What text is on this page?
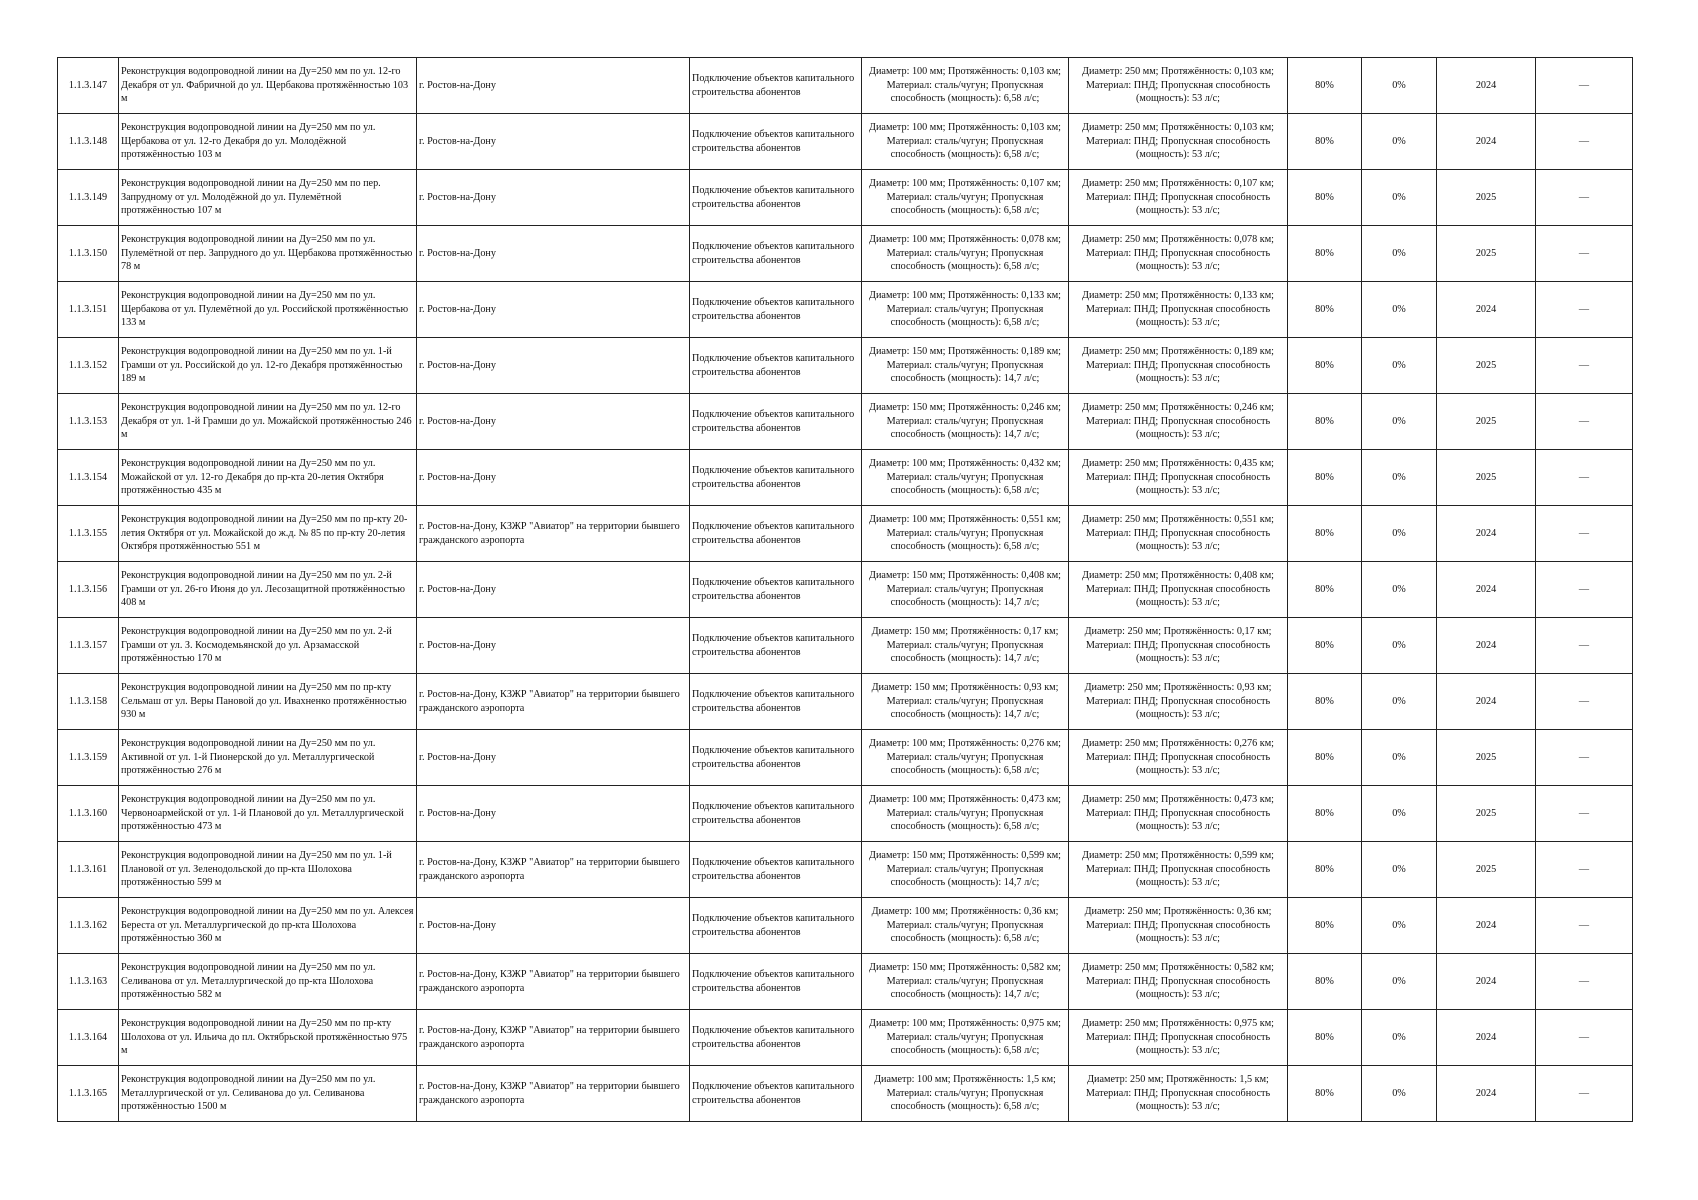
1.1.3.147	Реконструкция водопроводной линии на Ду=250 мм по ул. 12-го Декабря от ул. Фабричной до ул. Щербакова протяжённостью 103 м	г. Ростов-на-Дону	Подключение объектов капитального строительства абонентов	Диаметр: 100 мм; Протяжённость: 0,103 км; Материал: сталь/чугун; Пропускная способность (мощность): 6,58 л/с;	Диаметр: 250 мм; Протяжённость: 0,103 км; Материал: ПНД; Пропускная способность (мощность): 53 л/с;	80%	0%	2024	—
1.1.3.148	Реконструкция водопроводной линии на Ду=250 мм по ул. Щербакова от ул. 12-го Декабря до ул. Молодёжной протяжённостью 103 м	г. Ростов-на-Дону	Подключение объектов капитального строительства абонентов	Диаметр: 100 мм; Протяжённость: 0,103 км; Материал: сталь/чугун; Пропускная способность (мощность): 6,58 л/с;	Диаметр: 250 мм; Протяжённость: 0,103 км; Материал: ПНД; Пропускная способность (мощность): 53 л/с;	80%	0%	2024	—
1.1.3.149	Реконструкция водопроводной линии на Ду=250 мм по пер. Запрудному от ул. Молодёжной до ул. Пулемётной протяжённостью 107 м	г. Ростов-на-Дону	Подключение объектов капитального строительства абонентов	Диаметр: 100 мм; Протяжённость: 0,107 км; Материал: сталь/чугун; Пропускная способность (мощность): 6,58 л/с;	Диаметр: 250 мм; Протяжённость: 0,107 км; Материал: ПНД; Пропускная способность (мощность): 53 л/с;	80%	0%	2025	—
1.1.3.150	Реконструкция водопроводной линии на Ду=250 мм по ул. Пулемётной от пер. Запрудного до ул. Щербакова протяжённостью 78 м	г. Ростов-на-Дону	Подключение объектов капитального строительства абонентов	Диаметр: 100 мм; Протяжённость: 0,078 км; Материал: сталь/чугун; Пропускная способность (мощность): 6,58 л/с;	Диаметр: 250 мм; Протяжённость: 0,078 км; Материал: ПНД; Пропускная способность (мощность): 53 л/с;	80%	0%	2025	—
1.1.3.151	Реконструкция водопроводной линии на Ду=250 мм по ул. Щербакова от ул. Пулемётной до ул. Российской протяжённостью 133 м	г. Ростов-на-Дону	Подключение объектов капитального строительства абонентов	Диаметр: 100 мм; Протяжённость: 0,133 км; Материал: сталь/чугун; Пропускная способность (мощность): 6,58 л/с;	Диаметр: 250 мм; Протяжённость: 0,133 км; Материал: ПНД; Пропускная способность (мощность): 53 л/с;	80%	0%	2024	—
1.1.3.152	Реконструкция водопроводной линии на Ду=250 мм по ул. 1-й Грамши от ул. Российской до ул. 12-го Декабря протяжённостью 189 м	г. Ростов-на-Дону	Подключение объектов капитального строительства абонентов	Диаметр: 150 мм; Протяжённость: 0,189 км; Материал: сталь/чугун; Пропускная способность (мощность): 14,7 л/с;	Диаметр: 250 мм; Протяжённость: 0,189 км; Материал: ПНД; Пропускная способность (мощность): 53 л/с;	80%	0%	2025	—
1.1.3.153	Реконструкция водопроводной линии на Ду=250 мм по ул. 12-го Декабря от ул. 1-й Грамши до ул. Можайской протяжённостью 246 м	г. Ростов-на-Дону	Подключение объектов капитального строительства абонентов	Диаметр: 150 мм; Протяжённость: 0,246 км; Материал: сталь/чугун; Пропускная способность (мощность): 14,7 л/с;	Диаметр: 250 мм; Протяжённость: 0,246 км; Материал: ПНД; Пропускная способность (мощность): 53 л/с;	80%	0%	2025	—
1.1.3.154	Реконструкция водопроводной линии на Ду=250 мм по ул. Можайской от ул. 12-го Декабря до пр-кта 20-летия Октября протяжённостью 435 м	г. Ростов-на-Дону	Подключение объектов капитального строительства абонентов	Диаметр: 100 мм; Протяжённость: 0,432 км; Материал: сталь/чугун; Пропускная способность (мощность): 6,58 л/с;	Диаметр: 250 мм; Протяжённость: 0,435 км; Материал: ПНД; Пропускная способность (мощность): 53 л/с;	80%	0%	2025	—
1.1.3.155	Реконструкция водопроводной линии на Ду=250 мм по пр-кту 20-летия Октября от ул. Можайской до ж.д. № 85 по пр-кту 20-летия Октября протяжённостью 551 м	г. Ростов-на-Дону, КЗЖР "Авиатор" на территории бывшего гражданского аэропорта	Подключение объектов капитального строительства абонентов	Диаметр: 100 мм; Протяжённость: 0,551 км; Материал: сталь/чугун; Пропускная способность (мощность): 6,58 л/с;	Диаметр: 250 мм; Протяжённость: 0,551 км; Материал: ПНД; Пропускная способность (мощность): 53 л/с;	80%	0%	2024	—
1.1.3.156	Реконструкция водопроводной линии на Ду=250 мм по ул. 2-й Грамши от ул. 26-го Июня до ул. Лесозащитной протяжённостью 408 м	г. Ростов-на-Дону	Подключение объектов капитального строительства абонентов	Диаметр: 150 мм; Протяжённость: 0,408 км; Материал: сталь/чугун; Пропускная способность (мощность): 14,7 л/с;	Диаметр: 250 мм; Протяжённость: 0,408 км; Материал: ПНД; Пропускная способность (мощность): 53 л/с;	80%	0%	2024	—
1.1.3.157	Реконструкция водопроводной линии на Ду=250 мм по ул. 2-й Грамши от ул. З. Космодемьянской до ул. Арзамасской протяжённостью 170 м	г. Ростов-на-Дону	Подключение объектов капитального строительства абонентов	Диаметр: 150 мм; Протяжённость: 0,17 км; Материал: сталь/чугун; Пропускная способность (мощность): 14,7 л/с;	Диаметр: 250 мм; Протяжённость: 0,17 км; Материал: ПНД; Пропускная способность (мощность): 53 л/с;	80%	0%	2024	—
1.1.3.158	Реконструкция водопроводной линии на Ду=250 мм по пр-кту Сельмаш от ул. Веры Пановой до ул. Ивахненко протяжённостью 930 м	г. Ростов-на-Дону, КЗЖР "Авиатор" на территории бывшего гражданского аэропорта	Подключение объектов капитального строительства абонентов	Диаметр: 150 мм; Протяжённость: 0,93 км; Материал: сталь/чугун; Пропускная способность (мощность): 14,7 л/с;	Диаметр: 250 мм; Протяжённость: 0,93 км; Материал: ПНД; Пропускная способность (мощность): 53 л/с;	80%	0%	2024	—
1.1.3.159	Реконструкция водопроводной линии на Ду=250 мм по ул. Активной от ул. 1-й Пионерской до ул. Металлургической протяжённостью 276 м	г. Ростов-на-Дону	Подключение объектов капитального строительства абонентов	Диаметр: 100 мм; Протяжённость: 0,276 км; Материал: сталь/чугун; Пропускная способность (мощность): 6,58 л/с;	Диаметр: 250 мм; Протяжённость: 0,276 км; Материал: ПНД; Пропускная способность (мощность): 53 л/с;	80%	0%	2025	—
1.1.3.160	Реконструкция водопроводной линии на Ду=250 мм по ул. Червоноармейской от ул. 1-й Плановой до ул. Металлургической протяжённостью 473 м	г. Ростов-на-Дону	Подключение объектов капитального строительства абонентов	Диаметр: 100 мм; Протяжённость: 0,473 км; Материал: сталь/чугун; Пропускная способность (мощность): 6,58 л/с;	Диаметр: 250 мм; Протяжённость: 0,473 км; Материал: ПНД; Пропускная способность (мощность): 53 л/с;	80%	0%	2025	—
1.1.3.161	Реконструкция водопроводной линии на Ду=250 мм по ул. 1-й Плановой от ул. Зеленодольской до пр-кта Шолохова протяжённостью 599 м	г. Ростов-на-Дону, КЗЖР "Авиатор" на территории бывшего гражданского аэропорта	Подключение объектов капитального строительства абонентов	Диаметр: 150 мм; Протяжённость: 0,599 км; Материал: сталь/чугун; Пропускная способность (мощность): 14,7 л/с;	Диаметр: 250 мм; Протяжённость: 0,599 км; Материал: ПНД; Пропускная способность (мощность): 53 л/с;	80%	0%	2025	—
1.1.3.162	Реконструкция водопроводной линии на Ду=250 мм по ул. Алексея Береста от ул. Металлургической до пр-кта Шолохова протяжённостью 360 м	г. Ростов-на-Дону	Подключение объектов капитального строительства абонентов	Диаметр: 100 мм; Протяжённость: 0,36 км; Материал: сталь/чугун; Пропускная способность (мощность): 6,58 л/с;	Диаметр: 250 мм; Протяжённость: 0,36 км; Материал: ПНД; Пропускная способность (мощность): 53 л/с;	80%	0%	2024	—
1.1.3.163	Реконструкция водопроводной линии на Ду=250 мм по ул. Селиванова от ул. Металлургической до пр-кта Шолохова протяжённостью 582 м	г. Ростов-на-Дону, КЗЖР "Авиатор" на территории бывшего гражданского аэропорта	Подключение объектов капитального строительства абонентов	Диаметр: 150 мм; Протяжённость: 0,582 км; Материал: сталь/чугун; Пропускная способность (мощность): 14,7 л/с;	Диаметр: 250 мм; Протяжённость: 0,582 км; Материал: ПНД; Пропускная способность (мощность): 53 л/с;	80%	0%	2024	—
1.1.3.164	Реконструкция водопроводной линии на Ду=250 мм по пр-кту Шолохова от ул. Ильича до пл. Октябрьской протяжённостью 975 м	г. Ростов-на-Дону, КЗЖР "Авиатор" на территории бывшего гражданского аэропорта	Подключение объектов капитального строительства абонентов	Диаметр: 100 мм; Протяжённость: 0,975 км; Материал: сталь/чугун; Пропускная способность (мощность): 6,58 л/с;	Диаметр: 250 мм; Протяжённость: 0,975 км; Материал: ПНД; Пропускная способность (мощность): 53 л/с;	80%	0%	2024	—
1.1.3.165	Реконструкция водопроводной линии на Ду=250 мм по ул. Металлургической от ул. Селиванова до ул. Селиванова протяжённостью 1500 м	г. Ростов-на-Дону, КЗЖР "Авиатор" на территории бывшего гражданского аэропорта	Подключение объектов капитального строительства абонентов	Диаметр: 100 мм; Протяжённость: 1,5 км; Материал: сталь/чугун; Пропускная способность (мощность): 6,58 л/с;	Диаметр: 250 мм; Протяжённость: 1,5 км; Материал: ПНД; Пропускная способность (мощность): 53 л/с;	80%	0%	2024	—
